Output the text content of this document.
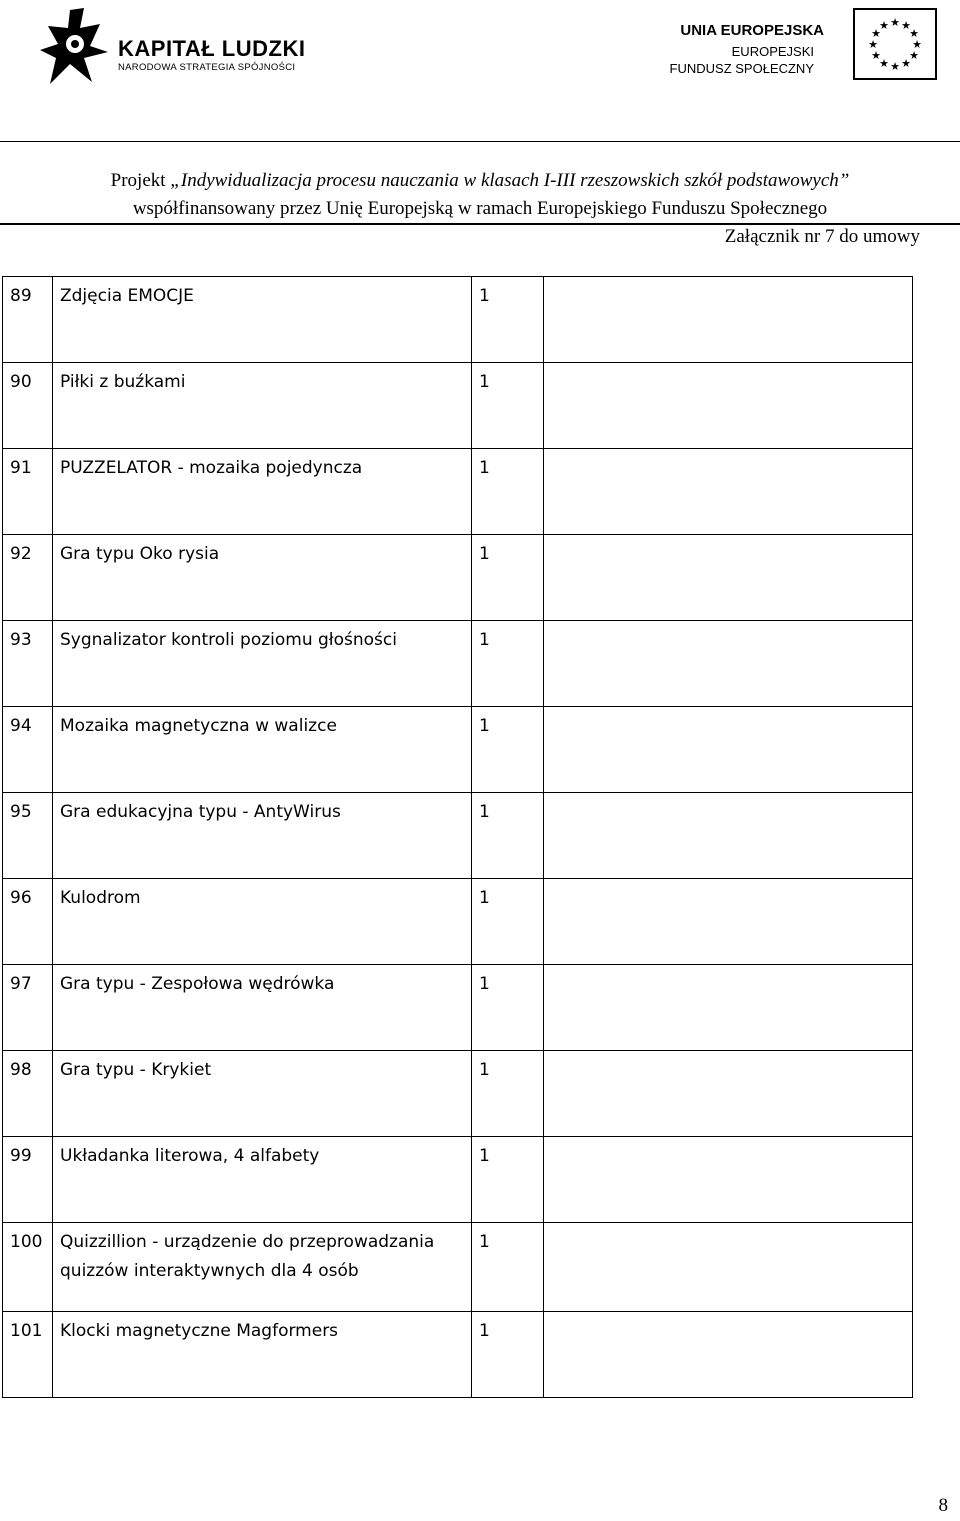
KAPITAŁ LUDZKI
NARODOWA STRATEGIA SPÓJNOŚCI
UNIA EUROPEJSKA
EUROPEJSKI
FUNDUSZ SPOŁECZNY
★ ★
★
★
★
★
★
★
★
★
★
★
Projekt „Indywidualizacja procesu nauczania w klasach I-III rzeszowskich szkół podstawowych”
współfinansowany przez Unię Europejską w ramach Europejskiego Funduszu Społecznego
Załącznik nr 7 do umowy
89	Zdjęcia EMOCJE	1	
90	Piłki z buźkami	1	
91	PUZZELATOR - mozaika pojedyncza	1	
92	Gra typu Oko rysia	1	
93	Sygnalizator kontroli poziomu głośności	1	
94	Mozaika magnetyczna w walizce	1	
95	Gra edukacyjna typu - AntyWirus	1	
96	Kulodrom	1	
97	Gra typu - Zespołowa wędrówka	1	
98	Gra typu - Krykiet	1	
99	Układanka literowa, 4 alfabety	1	
100	Quizzillion - urządzenie do przeprowadzania quizzów interaktywnych dla 4 osób	1	
101	Klocki magnetyczne Magformers	1	
8
